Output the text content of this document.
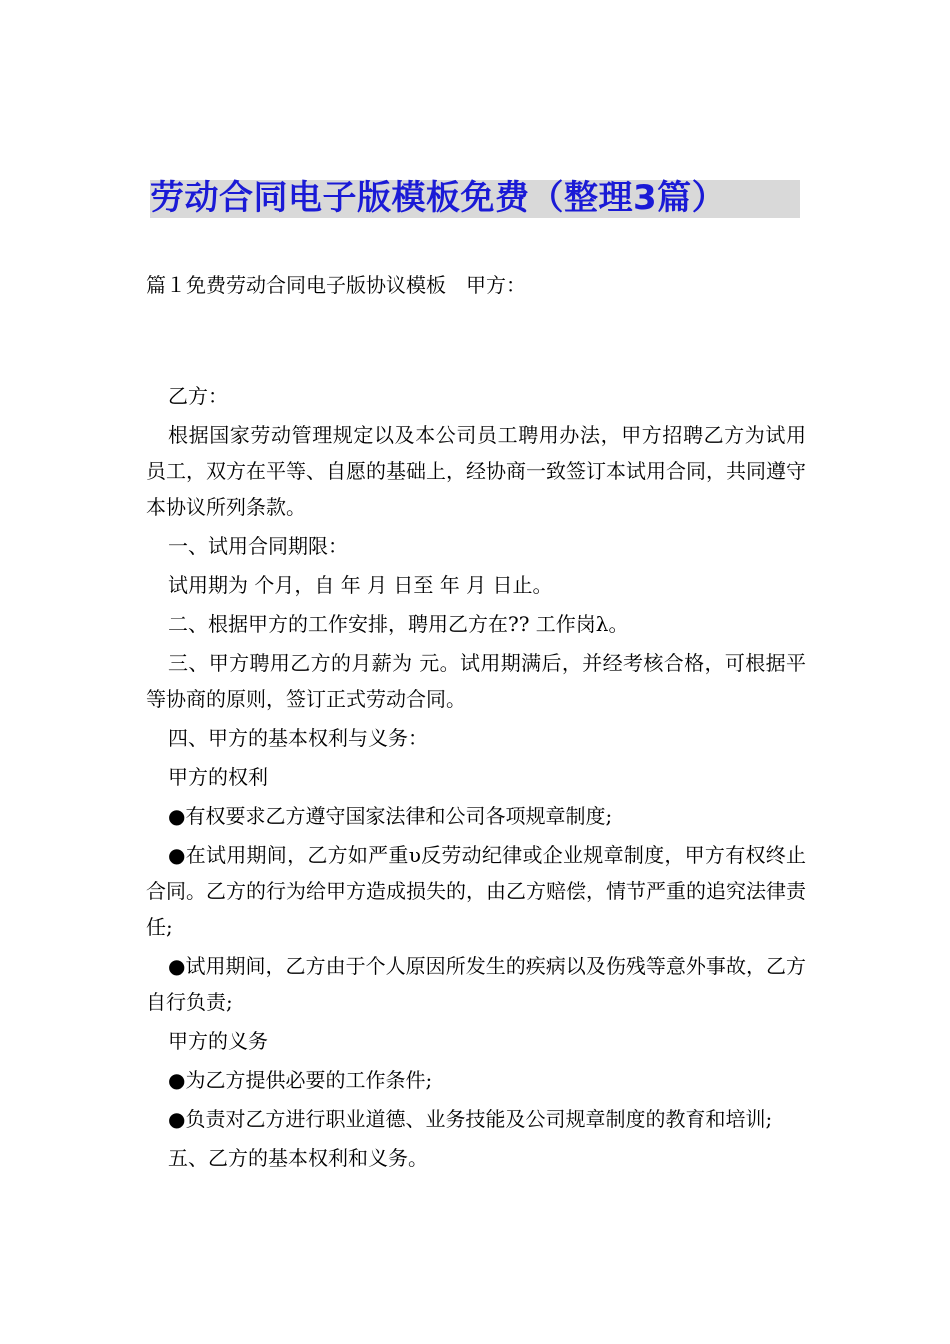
劳动合同电子版模板免费（整理3篇）
篇１免费劳动合同电子版协议模板　甲方：

乙方：

根据国家劳动管理规定以及本公司员工聘用办法，甲方招聘乙方为试用员工，双方在平等、自愿的基础上，经协商一致签订本试用合同，共同遵守本协议所列条款。

一、试用合同期限：

试用期为 个月，自 年 月 日至 年 月 日止。

二、根据甲方的工作安排，聘用乙方在?? 工作岗λ。

三、甲方聘用乙方的月薪为 元。试用期满后，并经考核合格，可根据平等协商的原则，签订正式劳动合同。

四、甲方的基本权利与义务：

甲方的权利

●有权要求乙方遵守国家法律和公司各项规章制度;

●在试用期间，乙方如严重υ反劳动纪律或企业规章制度，甲方有权终止合同。乙方的行为给甲方造成损失的，由乙方赔偿，情节严重的追究法律责任;

●试用期间，乙方由于个人原因所发生的疾病以及伤残等意外事故，乙方自行负责;

甲方的义务

●为乙方提供必要的工作条件;

●负责对乙方进行职业道德、业务技能及公司规章制度的教育和培训;

五、乙方的基本权利和义务。
